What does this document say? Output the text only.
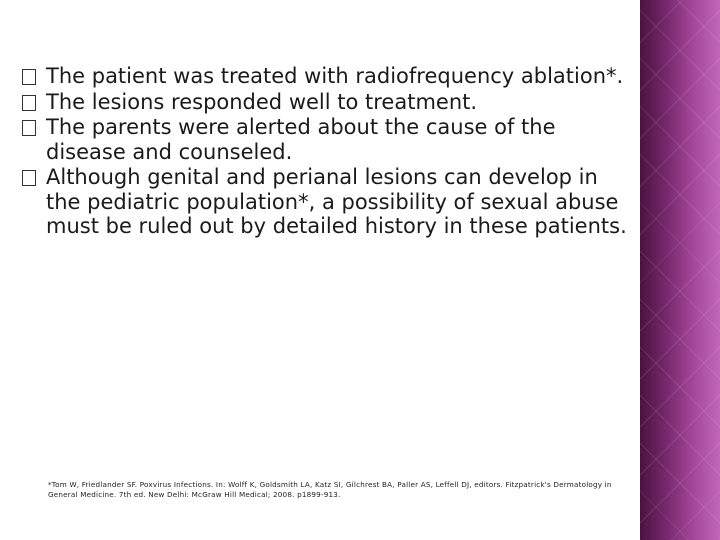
The patient was treated with radiofrequency ablation*.
The lesions responded well to treatment.
The parents were alerted about the cause of the disease and counseled.
Although genital and perianal lesions can develop in the pediatric population*, a possibility of sexual abuse must be ruled out by detailed history in these patients.
*Tom W, Friedlander SF. Poxvirus Infections. In: Wolff K, Goldsmith LA, Katz SI, Gilchrest BA, Paller AS, Leffell DJ, editors. Fitzpatrick's Dermatology in General Medicine. 7th ed. New Delhi: McGraw Hill Medical; 2008. p1899-913.
